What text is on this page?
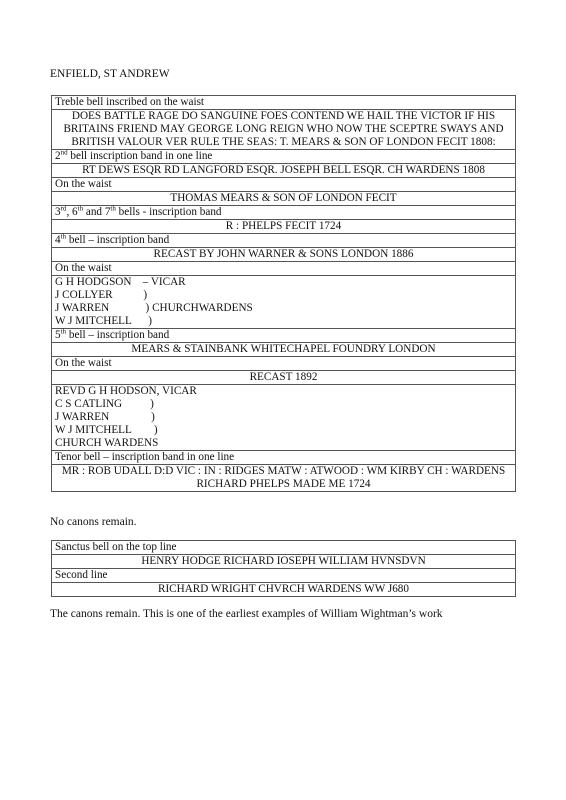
ENFIELD, ST ANDREW
Treble bell inscribed on the waist
DOES BATTLE RAGE DO SANGUINE FOES CONTEND WE HAIL THE VICTOR IF HIS BRITAINS FRIEND MAY GEORGE LONG REIGN WHO NOW THE SCEPTRE SWAYS AND BRITISH VALOUR VER RULE THE SEAS: T. MEARS & SON OF LONDON FECIT 1808:
2nd bell inscription band in one line
RT DEWS ESQR RD LANGFORD ESQR. JOSEPH BELL ESQR. CH WARDENS 1808
On the waist
THOMAS MEARS & SON OF LONDON FECIT
3rd, 6th and 7th bells - inscription band
R : PHELPS FECIT 1724
4th bell – inscription band
RECAST BY JOHN WARNER & SONS LONDON 1886
On the waist
G H HODGSON    – VICAR
J COLLYER           )
J WARREN             ) CHURCHWARDENS
W J MITCHELL      )
5th bell – inscription band
MEARS & STAINBANK WHITECHAPEL FOUNDRY LONDON
On the waist
RECAST 1892
REVD G H HODSON, VICAR
C S CATLING          )
J WARREN               )
W J MITCHELL        )
CHURCH WARDENS
Tenor bell – inscription band in one line
MR : ROB UDALL D:D VIC : IN : RIDGES MATW : ATWOOD : WM KIRBY CH : WARDENS RICHARD PHELPS MADE ME 1724
No canons remain.
Sanctus bell on the top line
HENRY HODGE RICHARD IOSEPH WILLIAM HVNSDVN
Second line
RICHARD WRIGHT CHVRCH WARDENS WW J680
The canons remain. This is one of the earliest examples of William Wightman’s work
